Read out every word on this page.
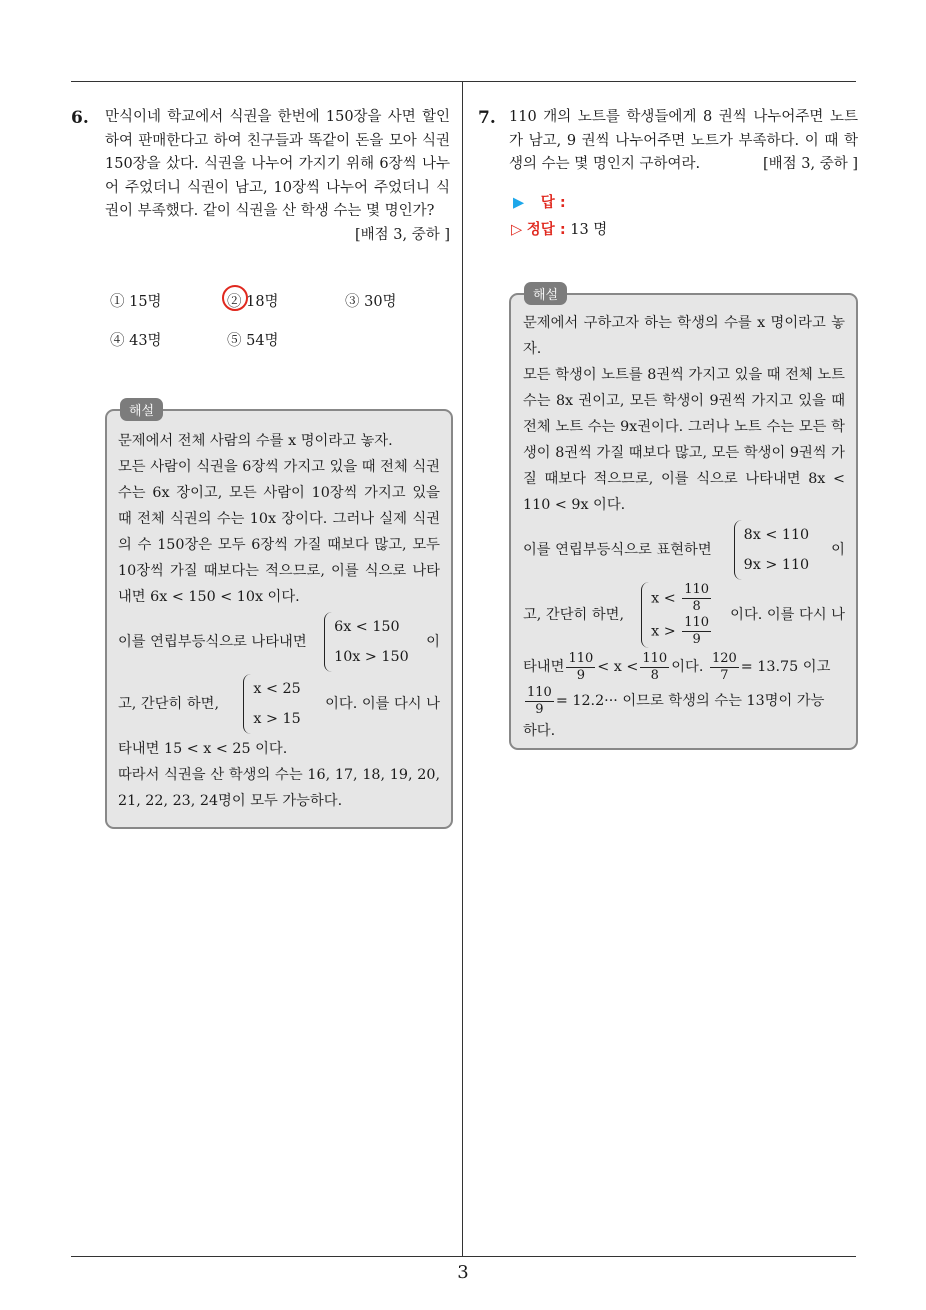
3
6. 만식이네 학교에서 식권을 한번에 150장을 사면 할인하여 판매한다고 하여 친구들과 똑같이 돈을 모아 식권 150장을 샀다. 식권을 나누어 가지기 위해 6장씩 나누어 주었더니 식권이 남고, 10장씩 나누어 주었더니 식권이 부족했다. 같이 식권을 산 학생 수는 몇 명인가?
[배점 3, 중하 ]
① 15명	② 18명	③ 30명
④ 43명	⑤ 54명
해설
문제에서 전체 사람의 수를 x 명이라고 놓자.
모든 사람이 식권을 6장씩 가지고 있을 때 전체 식권 수는 6x 장이고, 모든 사람이 10장씩 가지고 있을 때 전체 식권의 수는 10x 장이다. 그러나 실제 식권의 수 150장은 모두 6장씩 가질 때보다 많고, 모두 10장씩 가질 때보다는 적으므로, 이를 식으로 나타내면 6x < 150 < 10x 이다.
이를 연립부등식으로 나타내면
6x < 150
10x > 150
이
고, 간단히 하면,
x < 25
x > 15
이다. 이를 다시 나
타내면 15 < x < 25 이다.
따라서 식권을 산 학생의 수는 16, 17, 18, 19, 20, 21, 22, 23, 24명이 모두 가능하다.
7. 110 개의 노트를 학생들에게 8 권씩 나누어주면 노트가 남고, 9 권씩 나누어주면 노트가 부족하다. 이 때 학생의 수는 몇 명인지 구하여라.	[배점 3, 중하 ]
▶ 답 :
▷ 정답 : 13 명
해설
문제에서 구하고자 하는 학생의 수를 x 명이라고 놓자.
모든 학생이 노트를 8권씩 가지고 있을 때 전체 노트 수는 8x 권이고, 모든 학생이 9권씩 가지고 있을 때 전체 노트 수는 9x권이다. 그러나 노트 수는 모든 학생이 8권씩 가질 때보다 많고, 모든 학생이 9권씩 가질 때보다 적으므로, 이를 식으로 나타내면 8x < 110 < 9x 이다.
이를 연립부등식으로 표현하면
8x < 110
9x > 110
이
고, 간단히 하면,
$x < \frac{110}{8}$
$x > \frac{110}{9}$ 이다. 이를 다시 나
타내면 $\frac{110}{9} < x < \frac{110}{8}$ 이다.
$\frac{120}{7} = 13.75$ 이고
$\frac{110}{9} = 12.2\cdot\cdot\cdot$ 이므로 학생의 수는 13명이 가능
하다.
